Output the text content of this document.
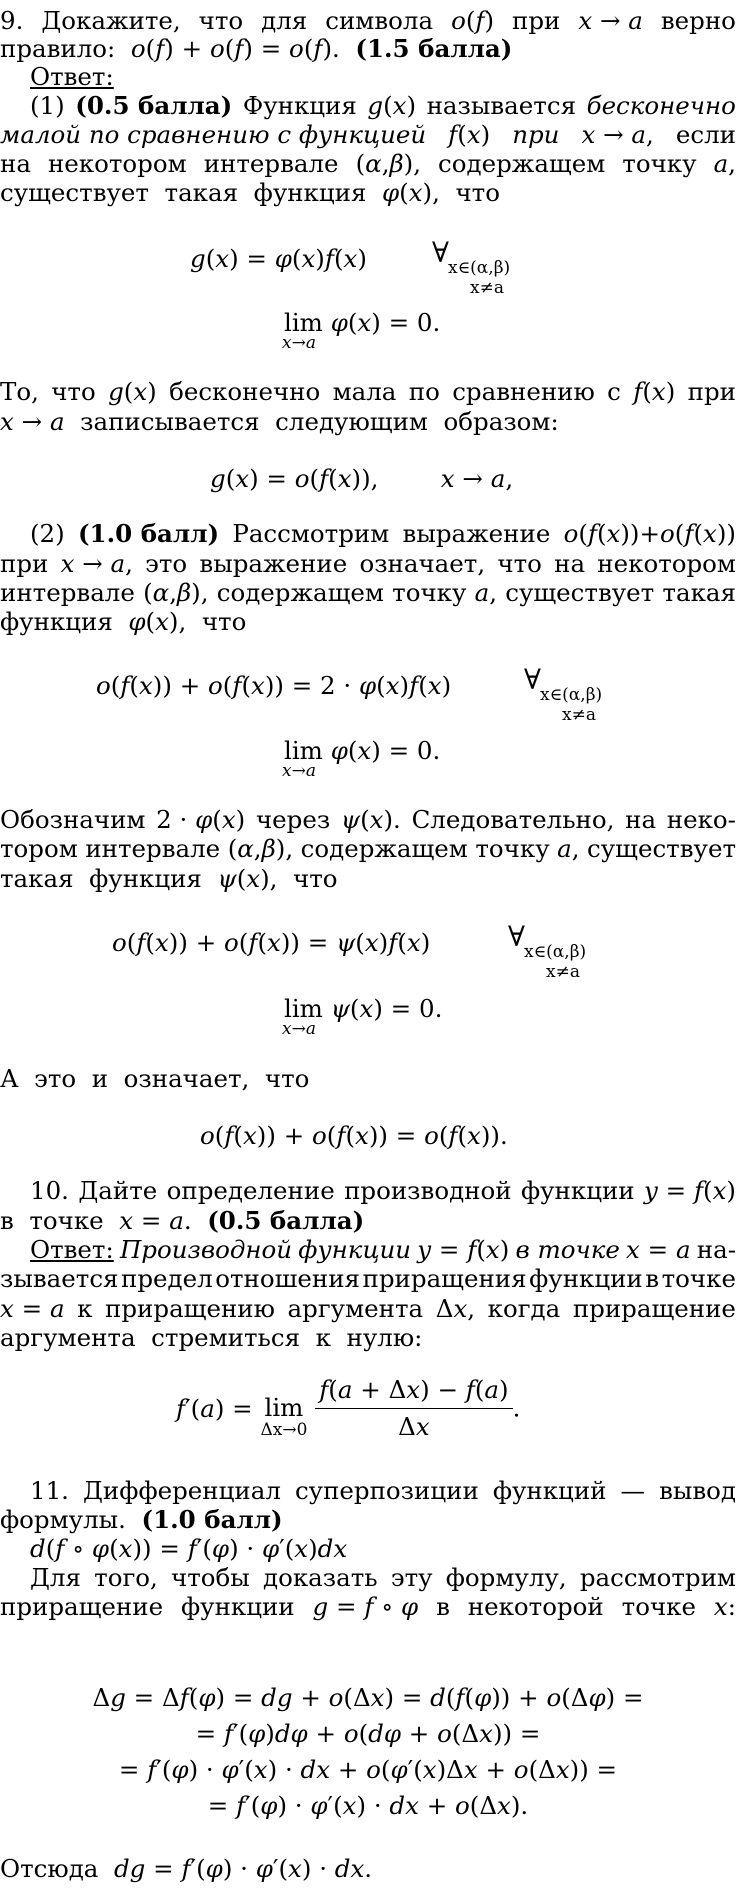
9. Докажите, что для символа o(f) при x → a верно
правило:  o(f) + o(f) = o(f).  (1.5 балла)
Ответ:
(1) (0.5 балла) Функция g(x) называется бесконечно
малой по сравнению с функцией f(x) при x → a, если
на некотором интервале (α,β), содержащем точку a,
существует  такая  функция  φ(x),  что
g(x) = φ(x)f(x) ∀ x∈(α,β)
x≠a
lim φ(x) = 0.
x→a
То, что g(x) бесконечно мала по сравнению с f(x) при
x → a  записывается  следующим  образом:
g(x) = o(f(x)),        x → a,
(2) (1.0 балл) Рассмотрим выражение o(f(x))+o(f(x))
при x → a, это выражение означает, что на некотором
интервале (α,β), содержащем точку a, существует такая
функция  φ(x),  что
o(f(x)) + o(f(x)) = 2 · φ(x)f(x)	∀ x∈(α,β)
x≠a
lim φ(x) = 0.
x→a
Обозначим 2 · φ(x) через ψ(x). Следовательно, на неко-
тором интервале (α,β), содержащем точку a, существует
такая  функция  ψ(x),  что
o(f(x)) + o(f(x)) = ψ(x)f(x)	∀ x∈(α,β)
x≠a
lim ψ(x) = 0.
x→a
А  это  и  означает,  что
o(f(x)) + o(f(x)) = o(f(x)).
10. Дайте определение производной функции y = f(x)
в  точке  x = a.  (0.5 балла)
Ответ: Производной функции y = f(x) в точке x = a на-
зывается предел отношения приращения функции в точке
x = a к приращению аргумента Δx, когда приращение
аргумента  стремиться  к  нулю:
f′(a) = lim
Δx→0
$\frac{f(a + \Delta x) - f(a)}{\Delta x}$ .
11. Дифференциал суперпозиции функций — вывод
формулы.  (1.0 балл)
d(f ∘ φ(x)) = f′(φ) · φ′(x)dx
Для того, чтобы доказать эту формулу, рассмотрим
приращение функции g = f ∘ φ в некоторой точке x:
Δg = Δf(φ) = dg + o(Δx) = d(f(φ)) + o(Δφ) =
= f′(φ)dφ + o(dφ + o(Δx)) =
= f′(φ) · φ′(x) · dx + o(φ′(x)Δx + o(Δx)) =
= f′(φ) · φ′(x) · dx + o(Δx).
Отсюда  dg = f′(φ) · φ′(x) · dx.
